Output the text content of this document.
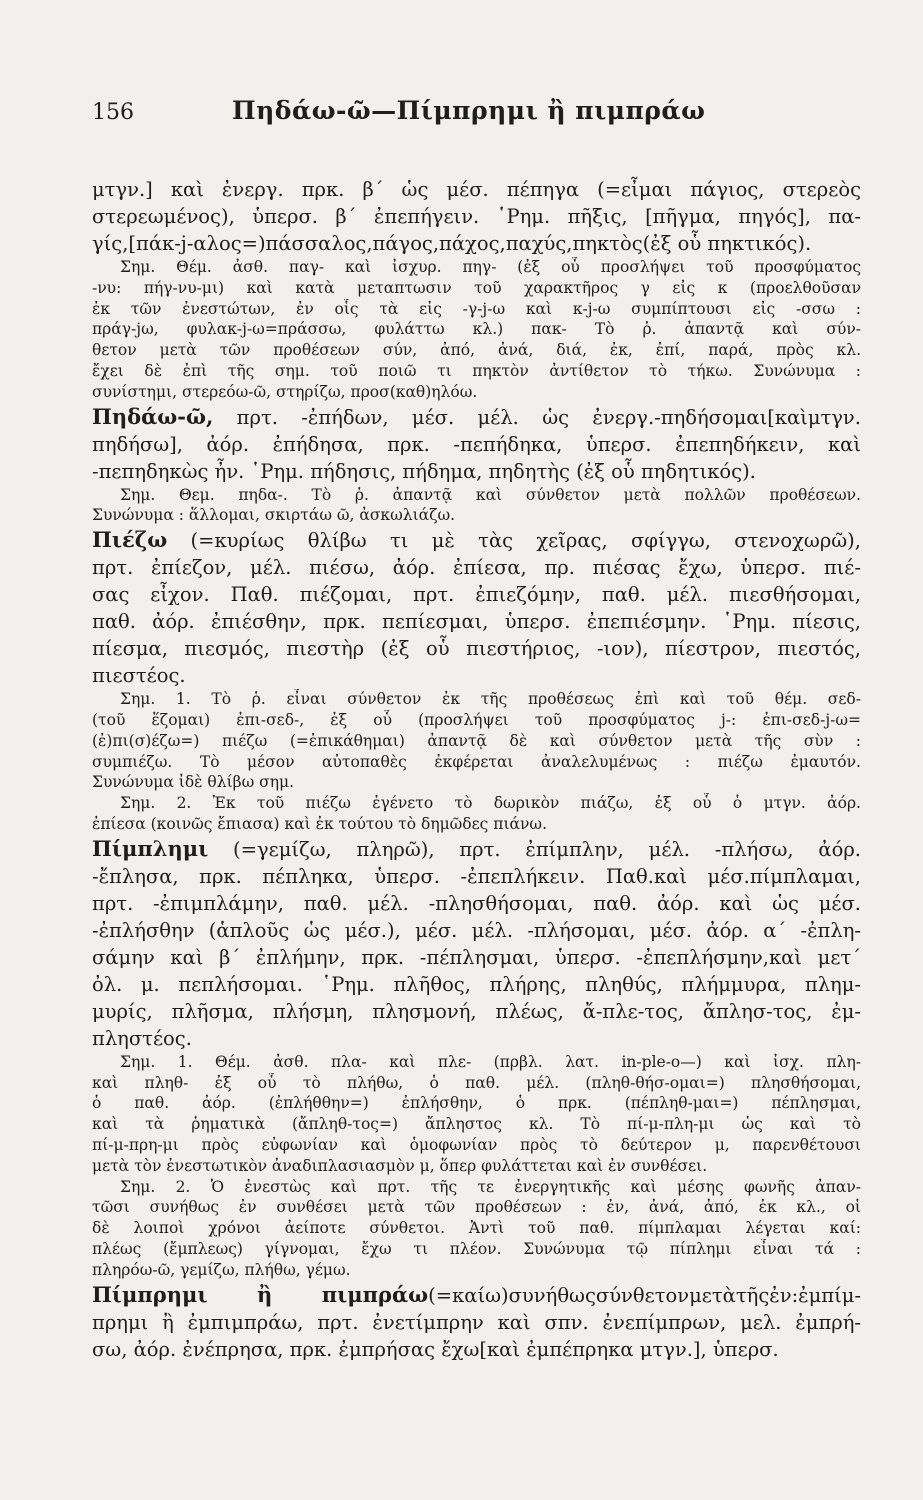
156	Πηδάω-ῶ—Πίμπρημι ἢ πιμπράω
μτγν.] καὶ ἐνεργ. πρκ. β΄ ὡς μέσ. πέπηγα (=εἶμαι πάγιος, στερεὸς
στερεωμένος), ὑπερσ. β΄ ἐπεπήγειν. ῾Ρημ. πῆξις, [πῆγμα, πηγός], πα-
γίς,[πάκ-j-αλος=)πάσσαλος,πάγος,πάχος,παχύς,πηκτὸς(ἐξ οὗ πηκτικός).
Σημ. Θέμ. ἀσθ. παγ- καὶ ἰσχυρ. πηγ- (ἐξ οὗ προσλήψει τοῦ προσφύματος
-νυ: πήγ-νυ-μι) καὶ κατὰ μεταπτωσιν τοῦ χαρακτῆρος γ εἰς κ (προελθοῦσαν
ἐκ τῶν ἐνεστώτων, ἐν οἷς τὰ εἰς -γ-j-ω καὶ κ-j-ω συμπίπτουσι εἰς -σσω :
πράγ-jω, φυλακ-j-ω=πράσσω, φυλάττω κλ.) πακ- Τὸ ῥ. ἀπαντᾷ καὶ σύν-
θετον μετὰ τῶν προθέσεων σύν, ἀπό, ἀνά, διά, ἐκ, ἐπί, παρά, πρὸς κλ.
ἔχει δὲ ἐπὶ τῆς σημ. τοῦ ποιῶ τι πηκτὸν ἀντίθετον τὸ τήκω. Συνώνυμα :
συνίστημι, στερεόω-ῶ, στηρίζω, προσ(καθ)ηλόω.
Πηδάω-ῶ, πρτ. -ἐπήδων, μέσ. μέλ. ὡς ἐνεργ.-πηδήσομαι[καὶμτγν.
πηδήσω], ἀόρ. ἐπήδησα, πρκ. -πεπήδηκα, ὑπερσ. ἐπεπηδήκειν, καὶ
-πεπηδηκὼς ἦν. ῾Ρημ. πήδησις, πήδημα, πηδητὴς (ἐξ οὗ πηδητικός).
Σημ. Θεμ. πηδα-. Τὸ ῥ. ἀπαντᾷ καὶ σύνθετον μετὰ πολλῶν προθέσεων.
Συνώνυμα : ἅλλομαι, σκιρτάω ῶ, ἀσκωλιάζω.
Πιέζω (=κυρίως θλίβω τι μὲ τὰς χεῖρας, σφίγγω, στενοχωρῶ),
πρτ. ἐπίεζον, μέλ. πιέσω, ἀόρ. ἐπίεσα, πρ. πιέσας ἔχω, ὑπερσ. πιέ-
σας εἶχον. Παθ. πιέζομαι, πρτ. ἐπιεζόμην, παθ. μέλ. πιεσθήσομαι,
παθ. ἀόρ. ἐπιέσθην, πρκ. πεπίεσμαι, ὑπερσ. ἐπεπιέσμην. ῾Ρημ. πίεσις,
πίεσμα, πιεσμός, πιεστὴρ (ἐξ οὗ πιεστήριος, -ιον), πίεστρον, πιεστός,
πιεστέος.
Σημ. 1. Τὸ ῥ. εἶναι σύνθετον ἐκ τῆς προθέσεως ἐπὶ καὶ τοῦ θέμ. σεδ-
(τοῦ ἕζομαι) ἐπι-σεδ-, ἐξ οὗ (προσλήψει τοῦ προσφύματος j-: ἐπι-σεδ-j-ω=
(ἐ)πι(σ)έζω=) πιέζω (=ἐπικάθημαι) ἀπαντᾷ δὲ καὶ σύνθετον μετὰ τῆς σὺν :
συμπιέζω. Τὸ μέσον αὐτοπαθὲς ἐκφέρεται ἀναλελυμένως : πιέζω ἐμαυτόν.
Συνώνυμα ἰδὲ θλίβω σημ.
Σημ. 2. Ἐκ τοῦ πιέζω ἐγένετο τὸ δωρικὸν πιάζω, ἐξ οὗ ὁ μτγν. ἀόρ.
ἐπίεσα (κοινῶς ἔπιασα) καὶ ἐκ τούτου τὸ δημῶδες πιάνω.
Πίμπλημι (=γεμίζω, πληρῶ), πρτ. ἐπίμπλην, μέλ. -πλήσω, ἀόρ.
-ἔπλησα, πρκ. πέπληκα, ὑπερσ. -ἐπεπλήκειν. Παθ.καὶ μέσ.πίμπλαμαι,
πρτ. -ἐπιμπλάμην, παθ. μέλ. -πλησθήσομαι, παθ. ἀόρ. καὶ ὡς μέσ.
-ἐπλήσθην (ἁπλοῦς ὡς μέσ.), μέσ. μέλ. -πλήσομαι, μέσ. ἀόρ. α΄ -ἐπλη-
σάμην καὶ β΄ ἐπλήμην, πρκ. -πέπλησμαι, ὑπερσ. -ἐπεπλήσμην,καὶ μετ΄
ὀλ. μ. πεπλήσομαι. ῾Ρημ. πλῆθος, πλήρης, πληθύς, πλήμμυρα, πλημ-
μυρίς, πλῆσμα, πλήσμη, πλησμονή, πλέως, ἄ-πλε-τος, ἄπλησ-τος, ἐμ-
πληστέος.
Σημ. 1. Θέμ. ἀσθ. πλα- καὶ πλε- (πρβλ. λατ. in-ple-o—) καὶ ἰσχ. πλη-
καὶ πληθ- ἐξ οὗ τὸ πλήθω, ὁ παθ. μέλ. (πληθ-θήσ-ομαι=) πλησθήσομαι,
ὁ παθ. ἀόρ. (ἐπλήθθην=) ἐπλήσθην, ὁ πρκ. (πέπληθ-μαι=) πέπλησμαι,
καὶ τὰ ῥηματικὰ (ἄπληθ-τος=) ἄπληστος κλ. Τὸ πί-μ-πλη-μι ὡς καὶ τὸ
πί-μ-πρη-μι πρὸς εὐφωνίαν καὶ ὁμοφωνίαν πρὸς τὸ δεύτερον μ, παρενθέτουσι
μετὰ τὸν ἐνεστωτικὸν ἀναδιπλασιασμὸν μ, ὅπερ φυλάττεται καὶ ἐν συνθέσει.
Σημ. 2. Ὁ ἐνεστὼς καὶ πρτ. τῆς τε ἐνεργητικῆς καὶ μέσης φωνῆς ἀπαν-
τῶσι συνήθως ἐν συνθέσει μετὰ τῶν προθέσεων : ἐν, ἀνά, ἀπό, ἐκ κλ., οἱ
δὲ λοιποὶ χρόνοι ἀείποτε σύνθετοι. Ἀντὶ τοῦ παθ. πίμπλαμαι λέγεται καί:
πλέως (ἔμπλεως) γίγνομαι, ἔχω τι πλέον. Συνώνυμα τῷ πίπλημι εἶναι τά :
πληρόω-ῶ, γεμίζω, πλήθω, γέμω.
Πίμπρημι ἢ πιμπράω(=καίω)συνήθωςσύνθετονμετὰτῆςἐν:ἐμπίμ-
πρημι ἢ ἐμπιμπράω, πρτ. ἐνετίμπρην καὶ σπν. ἐνεπίμπρων, μελ. ἐμπρή-
σω, ἀόρ. ἐνέπρησα, πρκ. ἐμπρήσας ἔχω[καὶ ἐμπέπρηκα μτγν.], ὑπερσ.
